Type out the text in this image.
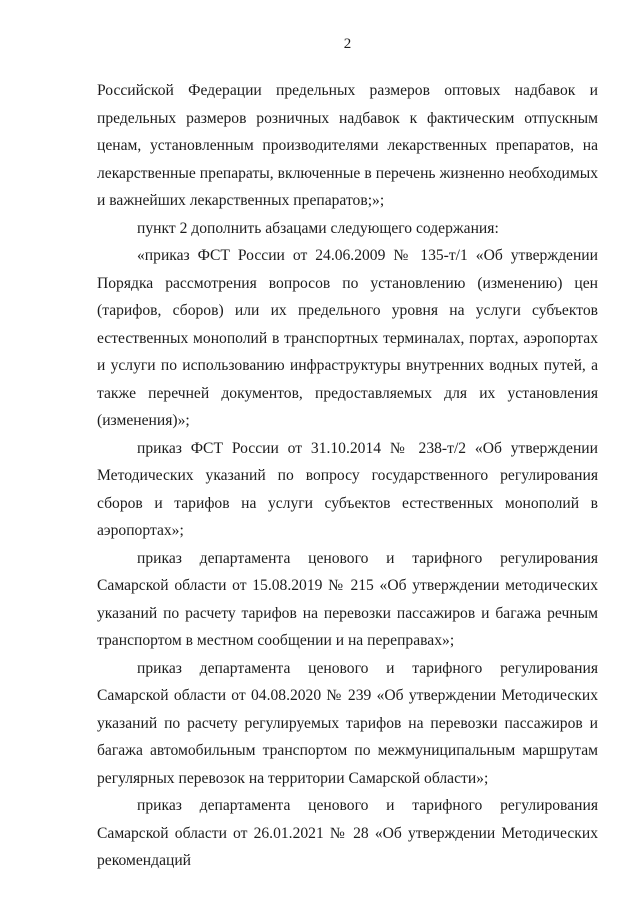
2

Российской Федерации предельных размеров оптовых надбавок и предельных размеров розничных надбавок к фактическим отпускным ценам, установленным производителями лекарственных препаратов, на лекарственные препараты, включенные в перечень жизненно необходимых и важнейших лекарственных препаратов;»;

пункт 2 дополнить абзацами следующего содержания:

«приказ ФСТ России от 24.06.2009 № 135-т/1 «Об утверждении Порядка рассмотрения вопросов по установлению (изменению) цен (тарифов, сборов) или их предельного уровня на услуги субъектов естественных монополий в транспортных терминалах, портах, аэропортах и услуги по использованию инфраструктуры внутренних водных путей, а также перечней документов, предоставляемых для их установления (изменения)»;

приказ ФСТ России от 31.10.2014 № 238-т/2 «Об утверждении Методических указаний по вопросу государственного регулирования сборов и тарифов на услуги субъектов естественных монополий в аэропортах»;

приказ департамента ценового и тарифного регулирования Самарской области от 15.08.2019 № 215 «Об утверждении методических указаний по расчету тарифов на перевозки пассажиров и багажа речным транспортом в местном сообщении и на переправах»;

приказ департамента ценового и тарифного регулирования Самарской области от 04.08.2020 № 239 «Об утверждении Методических указаний по расчету регулируемых тарифов на перевозки пассажиров и багажа автомобильным транспортом по межмуниципальным маршрутам регулярных перевозок на территории Самарской области»;

приказ департамента ценового и тарифного регулирования Самарской области от 26.01.2021 № 28 «Об утверждении Методических рекомендаций
